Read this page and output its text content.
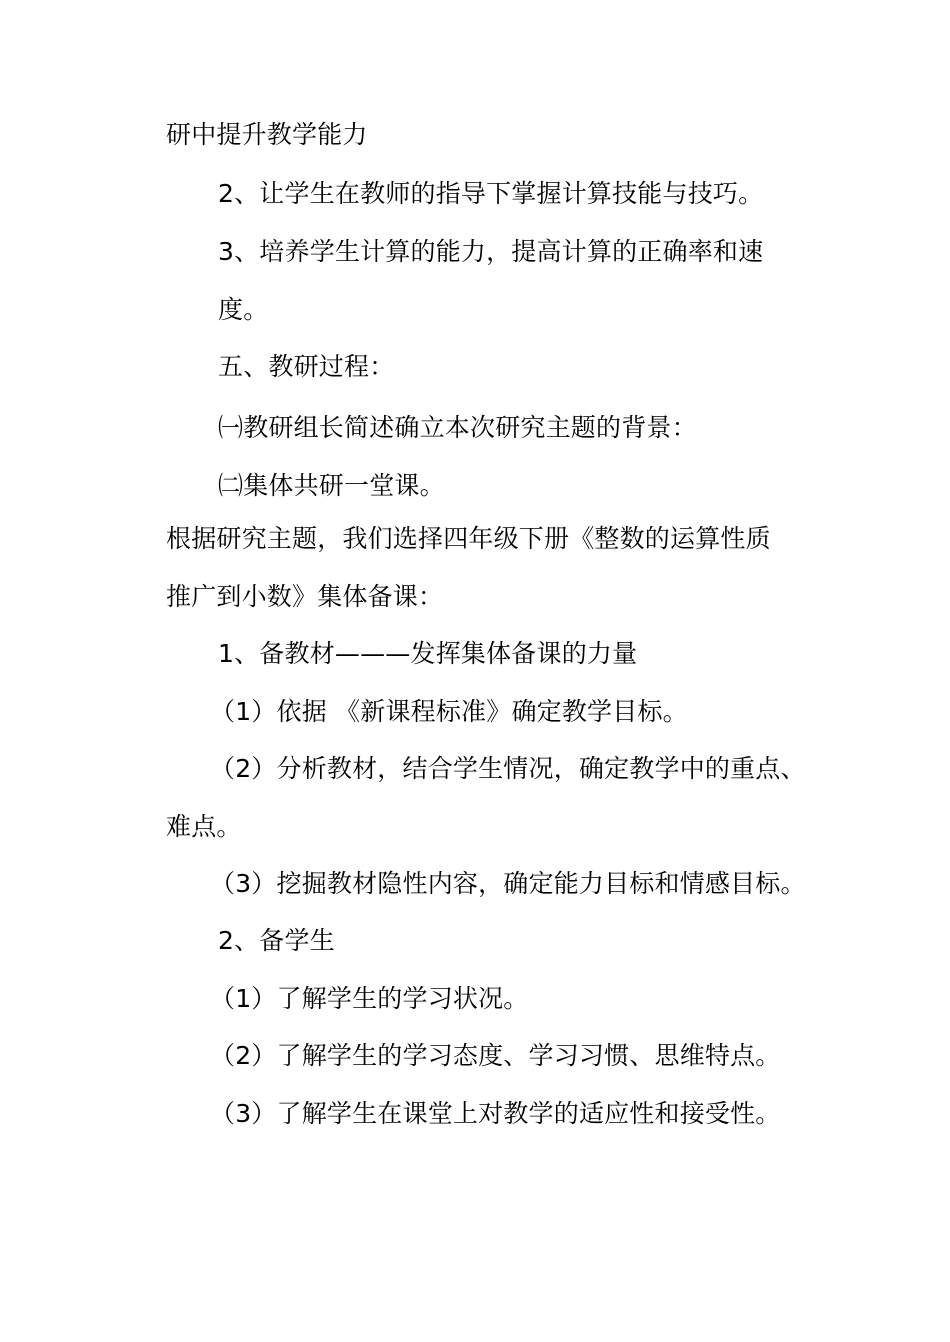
研中提升教学能力
2、让学生在教师的指导下掌握计算技能与技巧。
3、培养学生计算的能力，提高计算的正确率和速
度。
五、教研过程：
㈠教研组长简述确立本次研究主题的背景：
㈡集体共研一堂课。
根据研究主题，我们选择四年级下册《整数的运算性质
推广到小数》集体备课：
1、备教材———发挥集体备课的力量
（1）依据 《新课程标准》确定教学目标。
（2）分析教材，结合学生情况，确定教学中的重点、
难点。
（3）挖掘教材隐性内容，确定能力目标和情感目标。
2、备学生
（1）了解学生的学习状况。
（2）了解学生的学习态度、学习习惯、思维特点。
（3）了解学生在课堂上对教学的适应性和接受性。
